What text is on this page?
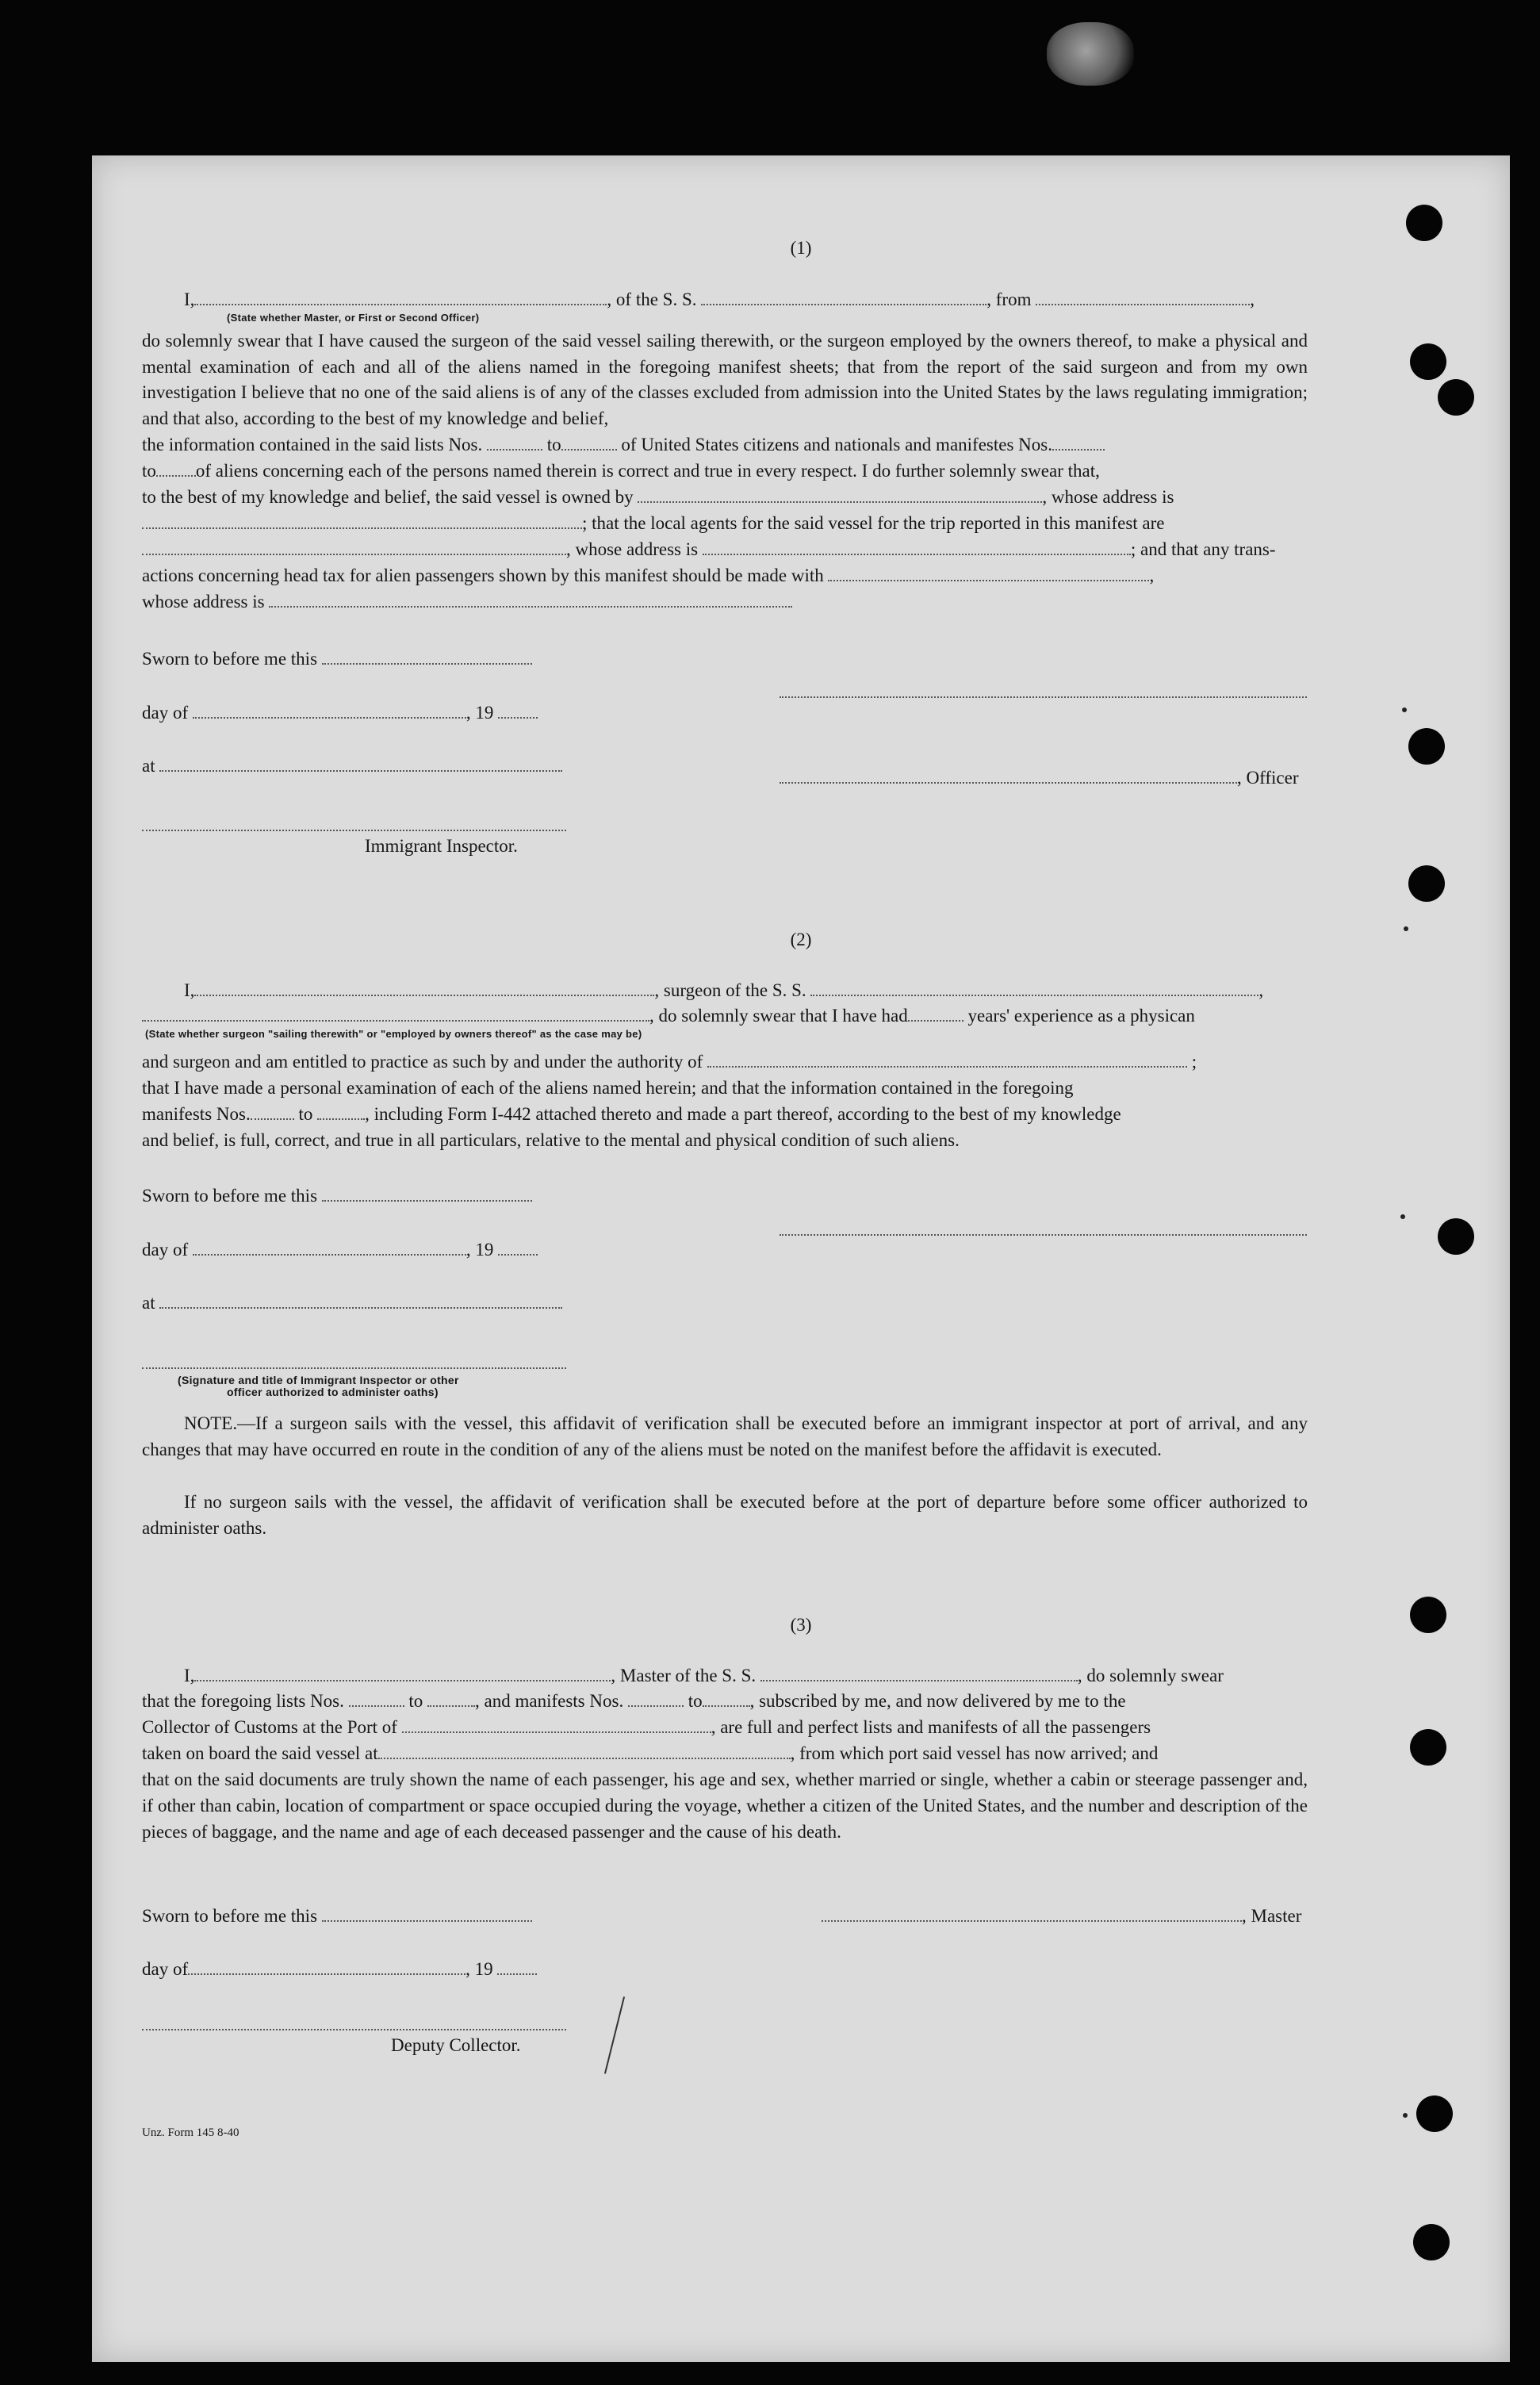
(1)
I,	, of the S. S.	, from	,
(State whether Master, or First or Second Officer)
do solemnly swear that I have caused the surgeon of the said vessel sailing therewith, or the surgeon employed by the owners thereof, to make a physical and mental examination of each and all of the aliens named in the foregoing manifest sheets; that from the report of the said surgeon and from my own investigation I believe that no one of the said aliens is of any of the classes excluded from admission into the United States by the laws regulating immigration; and that also, according to the best of my knowledge and belief,
the information contained in the said lists Nos.	to	of United States citizens and nationals and manifestes Nos.
to of aliens concerning each of the persons named therein is correct and true in every respect. I do further solemnly swear that,
to the best of my knowledge and belief, the said vessel is owned by	, whose address is
; that the local agents for the said vessel for the trip reported in this manifest are
, whose address is	; and that any trans-
actions concerning head tax for alien passengers shown by this manifest should be made with	,
whose address is
Sworn to before me this
day of	, 19
at
, Officer
Immigrant Inspector.
(2)
I,	, surgeon of the S. S.	,
, do solemnly swear that I have had	years' experience as a physican
(State whether surgeon "sailing therewith" or "employed by owners thereof" as the case may be)
and surgeon and am entitled to practice as such by and under the authority of	;
that I have made a personal examination of each of the aliens named herein; and that the information contained in the foregoing
manifests Nos.	to	, including Form I-442 attached thereto and made a part thereof, according to the best of my knowledge
and belief, is full, correct, and true in all particulars, relative to the mental and physical condition of such aliens.
Sworn to before me this
day of	, 19
at
(Signature and title of Immigrant Inspector or other
officer authorized to administer oaths)
NOTE.—If a surgeon sails with the vessel, this affidavit of verification shall be executed before an immigrant inspector at port of arrival, and any changes that may have occurred en route in the condition of any of the aliens must be noted on the manifest before the affidavit is executed.
If no surgeon sails with the vessel, the affidavit of verification shall be executed before at the port of departure before some officer authorized to administer oaths.
(3)
I,	, Master of the S. S.	, do solemnly swear
that the foregoing lists Nos.	to	, and manifests Nos.	to	, subscribed by me, and now delivered by me to the
Collector of Customs at the Port of	, are full and perfect lists and manifests of all the passengers
taken on board the said vessel at	, from which port said vessel has now arrived; and
that on the said documents are truly shown the name of each passenger, his age and sex, whether married or single, whether a cabin or steerage passenger and, if other than cabin, location of compartment or space occupied during the voyage, whether a citizen of the United States, and the number and description of the pieces of baggage, and the name and age of each deceased passenger and the cause of his death.
Sworn to before me this	, Master
day of	, 19
Deputy Collector.
Unz. Form 145 8-40
